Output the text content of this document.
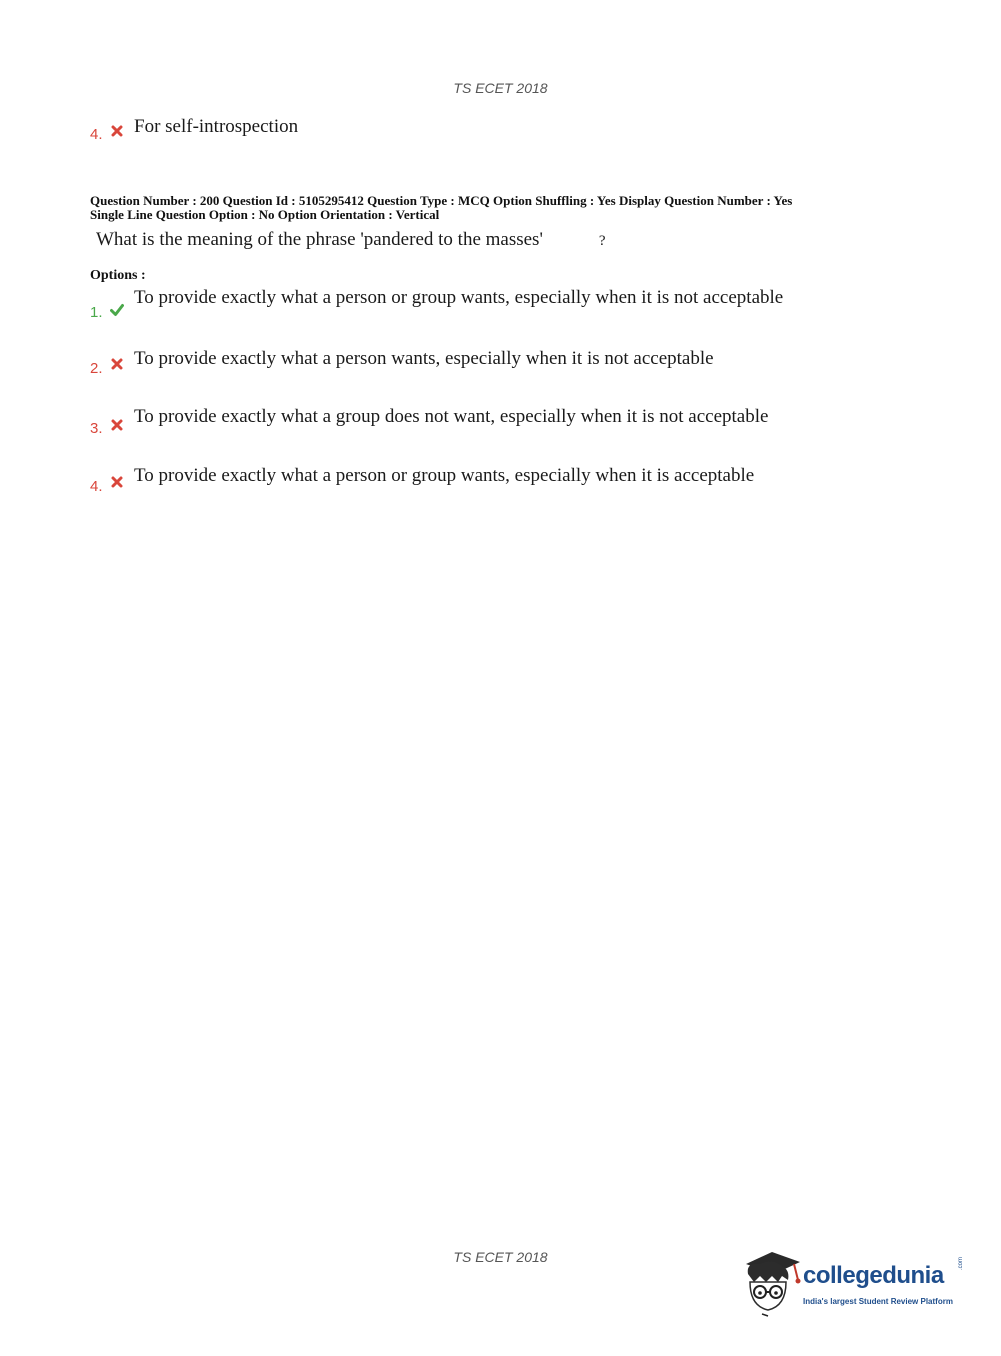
TS ECET 2018
4. For self-introspection
Question Number : 200 Question Id : 5105295412 Question Type : MCQ Option Shuffling : Yes Display Question Number : Yes
Single Line Question Option : No Option Orientation : Vertical
What is the meaning of the phrase 'pandered to the masses'	?
Options :
1.
To provide exactly what a person or group wants, especially when it is not acceptable
2. To provide exactly what a person wants, especially when it is not acceptable
3.
To provide exactly what a group does not want, especially when it is not acceptable
4.
To provide exactly what a person or group wants, especially when it is acceptable
TS ECET 2018
collegedunia .com
India's largest Student Review Platform
